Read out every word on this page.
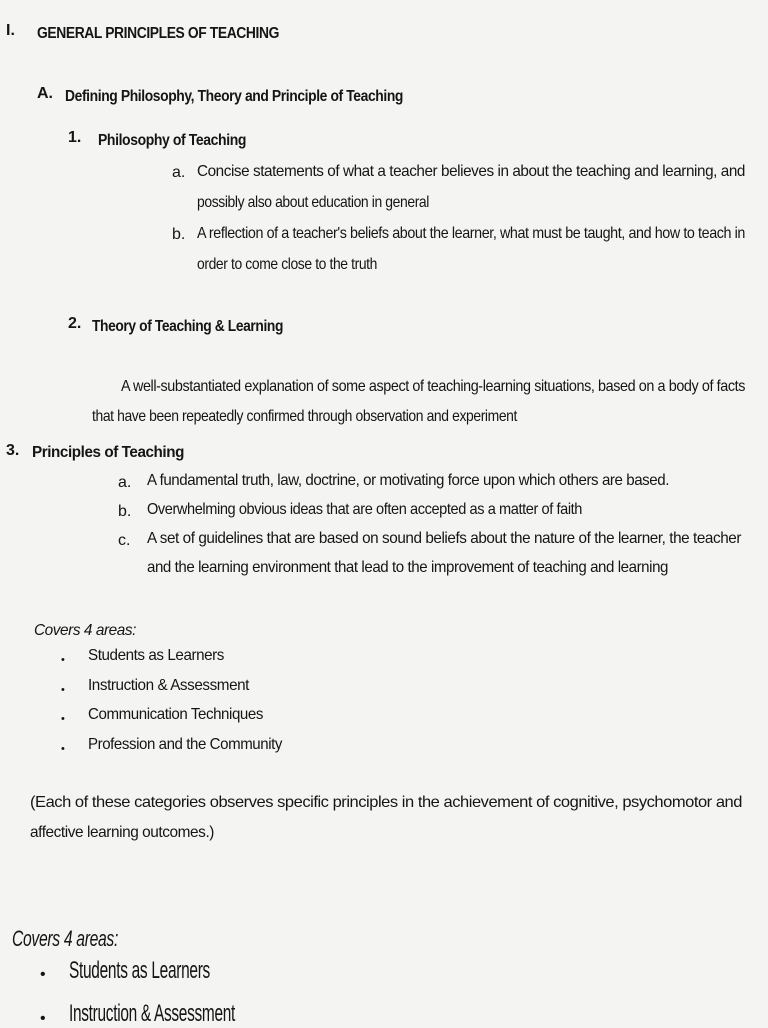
I. GENERAL PRINCIPLES OF TEACHING
A. Defining Philosophy, Theory and Principle of Teaching
1. Philosophy of Teaching
a. Concise statements of what a teacher believes in about the teaching and learning, and
possibly also about education in general
b. A reflection of a teacher's beliefs about the learner, what must be taught, and how to teach in
order to come close to the truth
2. Theory of Teaching & Learning
A well-substantiated explanation of some aspect of teaching-learning situations, based on a body of facts
that have been repeatedly confirmed through observation and experiment
3. Principles of Teaching
a. A fundamental truth, law, doctrine, or motivating force upon which others are based.
b. Overwhelming obvious ideas that are often accepted as a matter of faith
c. A set of guidelines that are based on sound beliefs about the nature of the learner, the teacher
and the learning environment that lead to the improvement of teaching and learning
Covers 4 areas:
• Students as Learners
• Instruction & Assessment
• Communication Techniques
• Profession and the Community
(Each of these categories observes specific principles in the achievement of cognitive, psychomotor and
affective learning outcomes.)
Covers 4 areas:
• Students as Learners
• Instruction & Assessment
